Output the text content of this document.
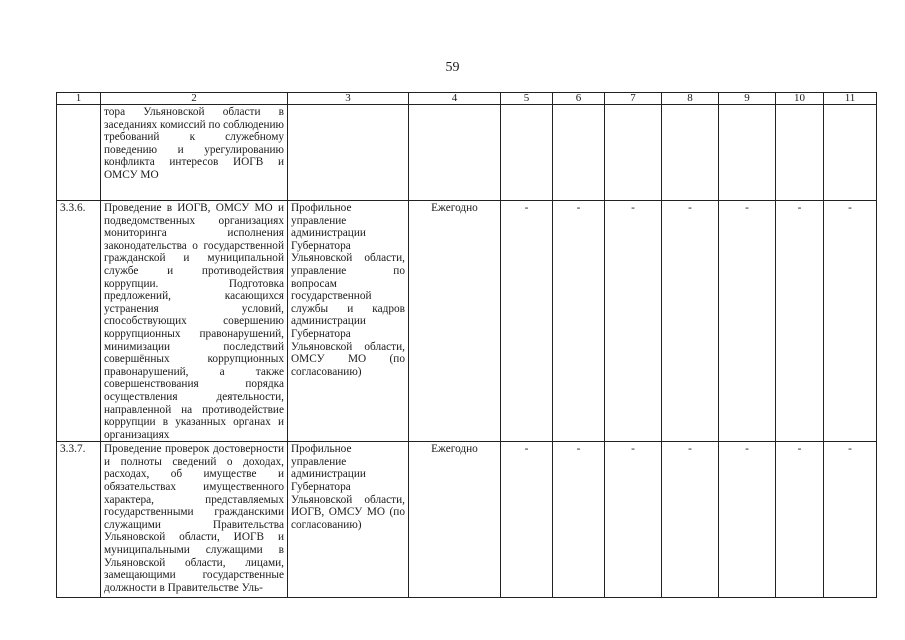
59
1	2	3	4	5	6	7	8	9	10	11
	тора Ульяновской области в заседаниях комиссий по соблюдению требований к служебному поведению и урегулированию конфликта интересов ИОГВ и ОМСУ МО									
3.3.6.	Проведение в ИОГВ, ОМСУ МО и подведомственных организациях мониторинга исполнения законодательства о государственной гражданской и муниципальной службе и противодействия коррупции. Подготовка предложений, касающихся устранения условий, способствующих совершению коррупционных правонарушений, минимизации последствий совершённых коррупционных правонарушений, а также совершенствования порядка осуществления деятельности, направленной на противодействие коррупции в указанных органах и организациях	Профильное управление администрации Губернатора Ульяновской области, управление по вопросам государственной службы и кадров администрации Губернатора Ульяновской области, ОМСУ МО (по согласованию)	Ежегодно	-	-	-	-	-	-	-
3.3.7.	Проведение проверок достоверности и полноты сведений о доходах, расходах, об имуществе и обязательствах имущественного характера, представляемых государственными гражданскими служащими Правительства Ульяновской области, ИОГВ и муниципальными служащими в Ульяновской области, лицами, замещающими государственные должности в Правительстве Уль-	Профильное управление администрации Губернатора Ульяновской области, ИОГВ, ОМСУ МО (по согласованию)	Ежегодно	-	-	-	-	-	-	-
